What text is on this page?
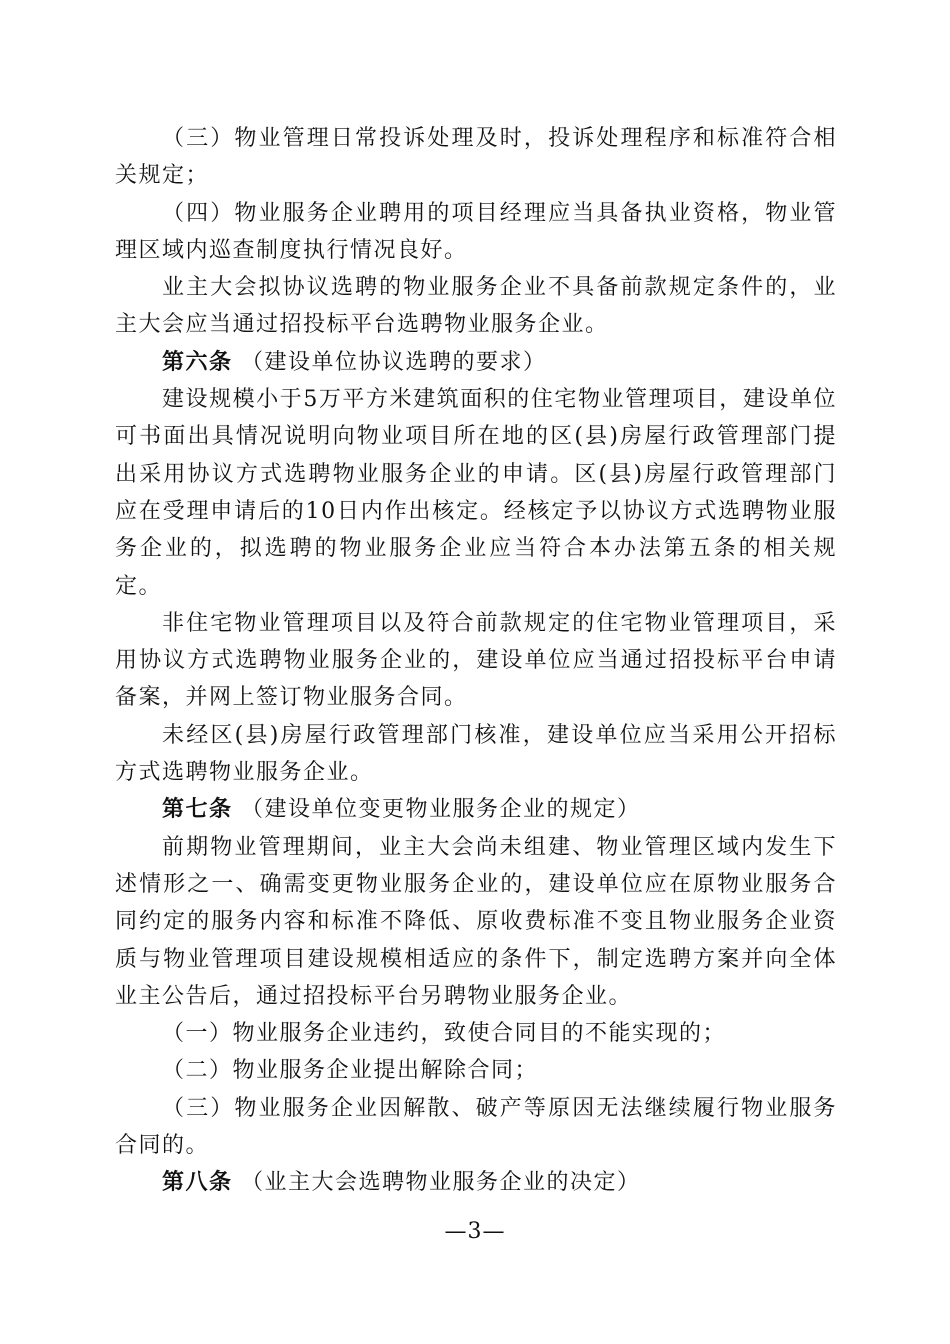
（三）物业管理日常投诉处理及时，投诉处理程序和标准符合相关规定；

（四）物业服务企业聘用的项目经理应当具备执业资格，物业管理区域内巡查制度执行情况良好。

业主大会拟协议选聘的物业服务企业不具备前款规定条件的，业主大会应当通过招投标平台选聘物业服务企业。

第六条 （建设单位协议选聘的要求）

建设规模小于5万平方米建筑面积的住宅物业管理项目，建设单位可书面出具情况说明向物业项目所在地的区(县)房屋行政管理部门提出采用协议方式选聘物业服务企业的申请。区(县)房屋行政管理部门应在受理申请后的10日内作出核定。经核定予以协议方式选聘物业服务企业的，拟选聘的物业服务企业应当符合本办法第五条的相关规定。

非住宅物业管理项目以及符合前款规定的住宅物业管理项目，采用协议方式选聘物业服务企业的，建设单位应当通过招投标平台申请备案，并网上签订物业服务合同。

未经区(县)房屋行政管理部门核准，建设单位应当采用公开招标方式选聘物业服务企业。

第七条 （建设单位变更物业服务企业的规定）

前期物业管理期间，业主大会尚未组建、物业管理区域内发生下述情形之一、确需变更物业服务企业的，建设单位应在原物业服务合同约定的服务内容和标准不降低、原收费标准不变且物业服务企业资质与物业管理项目建设规模相适应的条件下，制定选聘方案并向全体业主公告后，通过招投标平台另聘物业服务企业。

（一）物业服务企业违约，致使合同目的不能实现的；

（二）物业服务企业提出解除合同；

（三）物业服务企业因解散、破产等原因无法继续履行物业服务合同的。

第八条 （业主大会选聘物业服务企业的决定）

—3—
